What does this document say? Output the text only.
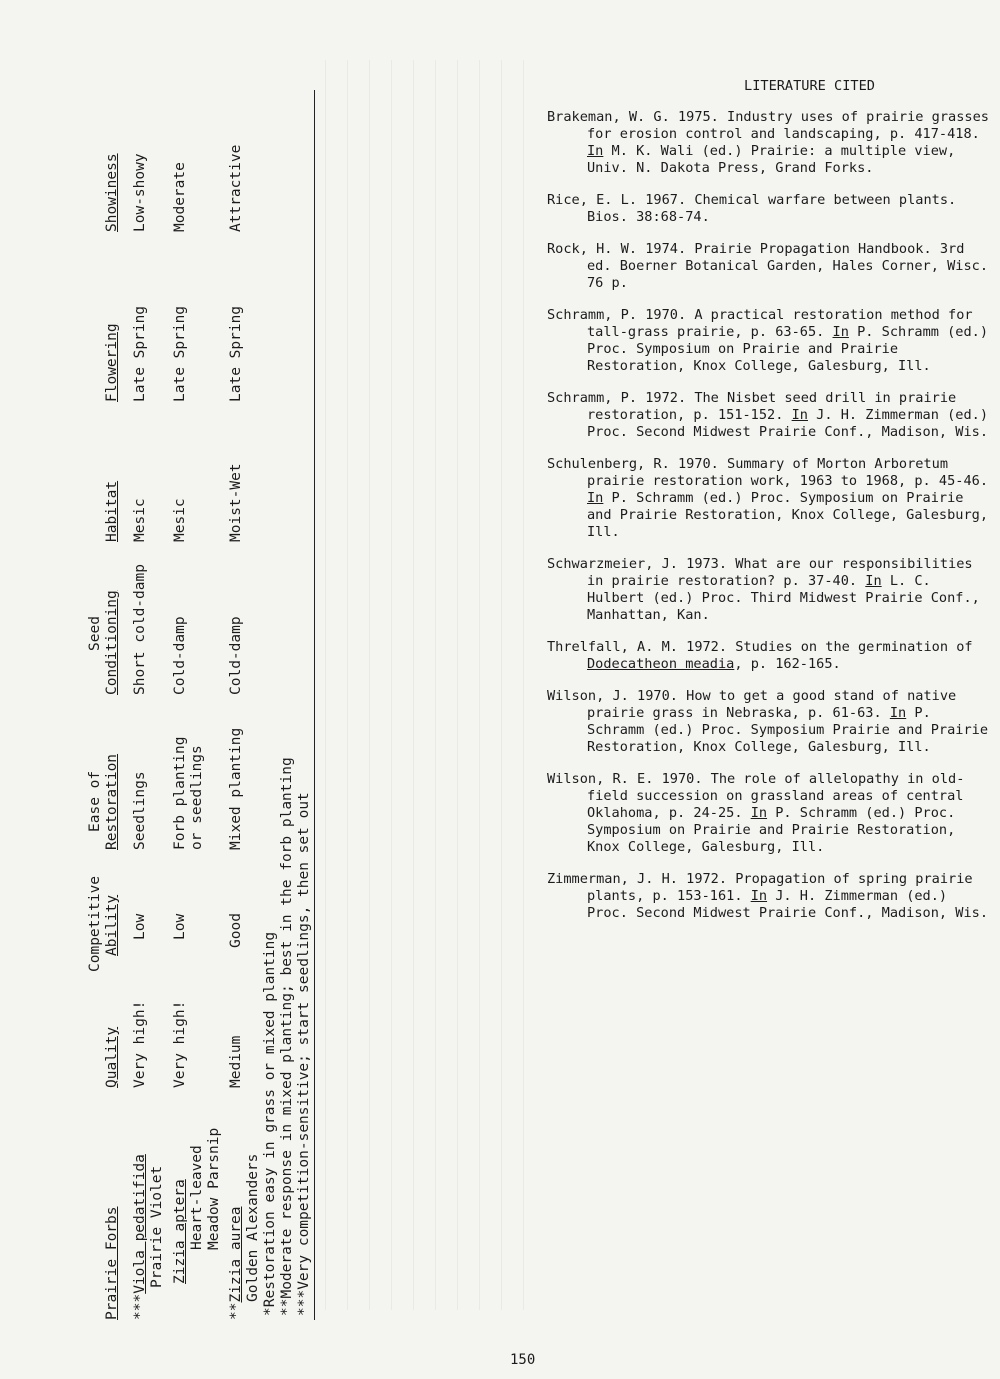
Prairie Forbs
Quality
Competitive Ability
Ease of Restoration
Seed Conditioning
Habitat
Flowering
Showiness
***Viola pedatifida
Prairie Violet
Very high!
Low
Seedlings
Short cold-damp
Mesic
Late Spring
Low-showy
Zizia aptera
Heart-leaved
Meadow Parsnip
Very high!
Low
Forb planting
or seedlings
Cold-damp
Mesic
Late Spring
Moderate
**Zizia aurea
Golden Alexanders
Medium
Good
Mixed planting
Cold-damp
Moist-Wet
Late Spring
Attractive
*Restoration easy in grass or mixed planting **Moderate response in mixed planting; best in the forb planting ***Very competition-sensitive; start seedlings, then set out
LITERATURE CITED
Brakeman, W. G. 1975. Industry uses of prairie grasses for erosion control and landscaping, p. 417-418. In M. K. Wali (ed.) Prairie: a multiple view, Univ. N. Dakota Press, Grand Forks.
Rice, E. L. 1967. Chemical warfare between plants. Bios. 38:68-74.
Rock, H. W. 1974. Prairie Propagation Handbook. 3rd ed. Boerner Botanical Garden, Hales Corner, Wisc. 76 p.
Schramm, P. 1970. A practical restoration method for tall-grass prairie, p. 63-65. In P. Schramm (ed.) Proc. Symposium on Prairie and Prairie Restoration, Knox College, Galesburg, Ill.
Schramm, P. 1972. The Nisbet seed drill in prairie restoration, p. 151-152. In J. H. Zimmerman (ed.) Proc. Second Midwest Prairie Conf., Madison, Wis.
Schulenberg, R. 1970. Summary of Morton Arboretum prairie restoration work, 1963 to 1968, p. 45-46. In P. Schramm (ed.) Proc. Symposium on Prairie and Prairie Restoration, Knox College, Galesburg, Ill.
Schwarzmeier, J. 1973. What are our responsibilities in prairie restoration? p. 37-40. In L. C. Hulbert (ed.) Proc. Third Midwest Prairie Conf., Manhattan, Kan.
Threlfall, A. M. 1972. Studies on the germination of Dodecatheon meadia, p. 162-165.
Wilson, J. 1970. How to get a good stand of native prairie grass in Nebraska, p. 61-63. In P. Schramm (ed.) Proc. Symposium Prairie and Prairie Restoration, Knox College, Galesburg, Ill.
Wilson, R. E. 1970. The role of allelopathy in old-field succession on grassland areas of central Oklahoma, p. 24-25. In P. Schramm (ed.) Proc. Symposium on Prairie and Prairie Restoration, Knox College, Galesburg, Ill.
Zimmerman, J. H. 1972. Propagation of spring prairie plants, p. 153-161. In J. H. Zimmerman (ed.) Proc. Second Midwest Prairie Conf., Madison, Wis.
150
